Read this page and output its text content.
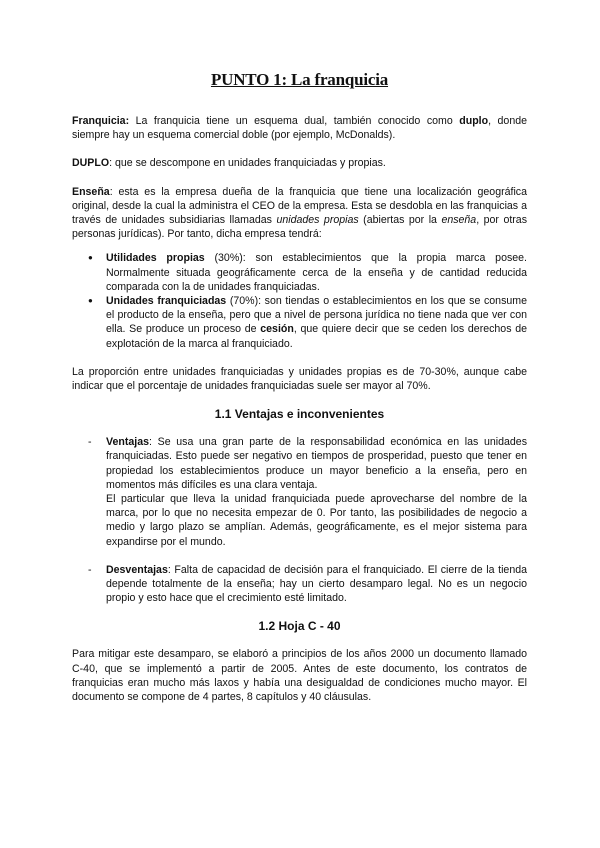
PUNTO 1: La franquicia

Franquicia: La franquicia tiene un esquema dual, también conocido como duplo, donde siempre hay un esquema comercial doble (por ejemplo, McDonalds).

DUPLO: que se descompone en unidades franquiciadas y propias.

Enseña: esta es la empresa dueña de la franquicia que tiene una localización geográfica original, desde la cual la administra el CEO de la empresa. Esta se desdobla en las franquicias a través de unidades subsidiarias llamadas unidades propias (abiertas por la enseña, por otras personas jurídicas). Por tanto, dicha empresa tendrá:

● Utilidades propias (30%): son establecimientos que la propia marca posee. Normalmente situada geográficamente cerca de la enseña y de cantidad reducida comparada con la de unidades franquiciadas.
● Unidades franquiciadas (70%): son tiendas o establecimientos en los que se consume el producto de la enseña, pero que a nivel de persona jurídica no tiene nada que ver con ella. Se produce un proceso de cesión, que quiere decir que se ceden los derechos de explotación de la marca al franquiciado.

La proporción entre unidades franquiciadas y unidades propias es de 70-30%, aunque cabe indicar que el porcentaje de unidades franquiciadas suele ser mayor al 70%.

1.1 Ventajas e inconvenientes
- Ventajas: Se usa una gran parte de la responsabilidad económica en las unidades franquiciadas. Esto puede ser negativo en tiempos de prosperidad, puesto que tener en propiedad los establecimientos produce un mayor beneficio a la enseña, pero en momentos más difíciles es una clara ventaja.
El particular que lleva la unidad franquiciada puede aprovecharse del nombre de la marca, por lo que no necesita empezar de 0. Por tanto, las posibilidades de negocio a medio y largo plazo se amplían. Además, geográficamente, es el mejor sistema para expandirse por el mundo.
- Desventajas: Falta de capacidad de decisión para el franquiciado. El cierre de la tienda depende totalmente de la enseña; hay un cierto desamparo legal. No es un negocio propio y esto hace que el crecimiento esté limitado.
1.2 Hoja C - 40

Para mitigar este desamparo, se elaboró a principios de los años 2000 un documento llamado C-40, que se implementó a partir de 2005. Antes de este documento, los contratos de franquicias eran mucho más laxos y había una desigualdad de condiciones mucho mayor. El documento se compone de 4 partes, 8 capítulos y 40 cláusulas.
